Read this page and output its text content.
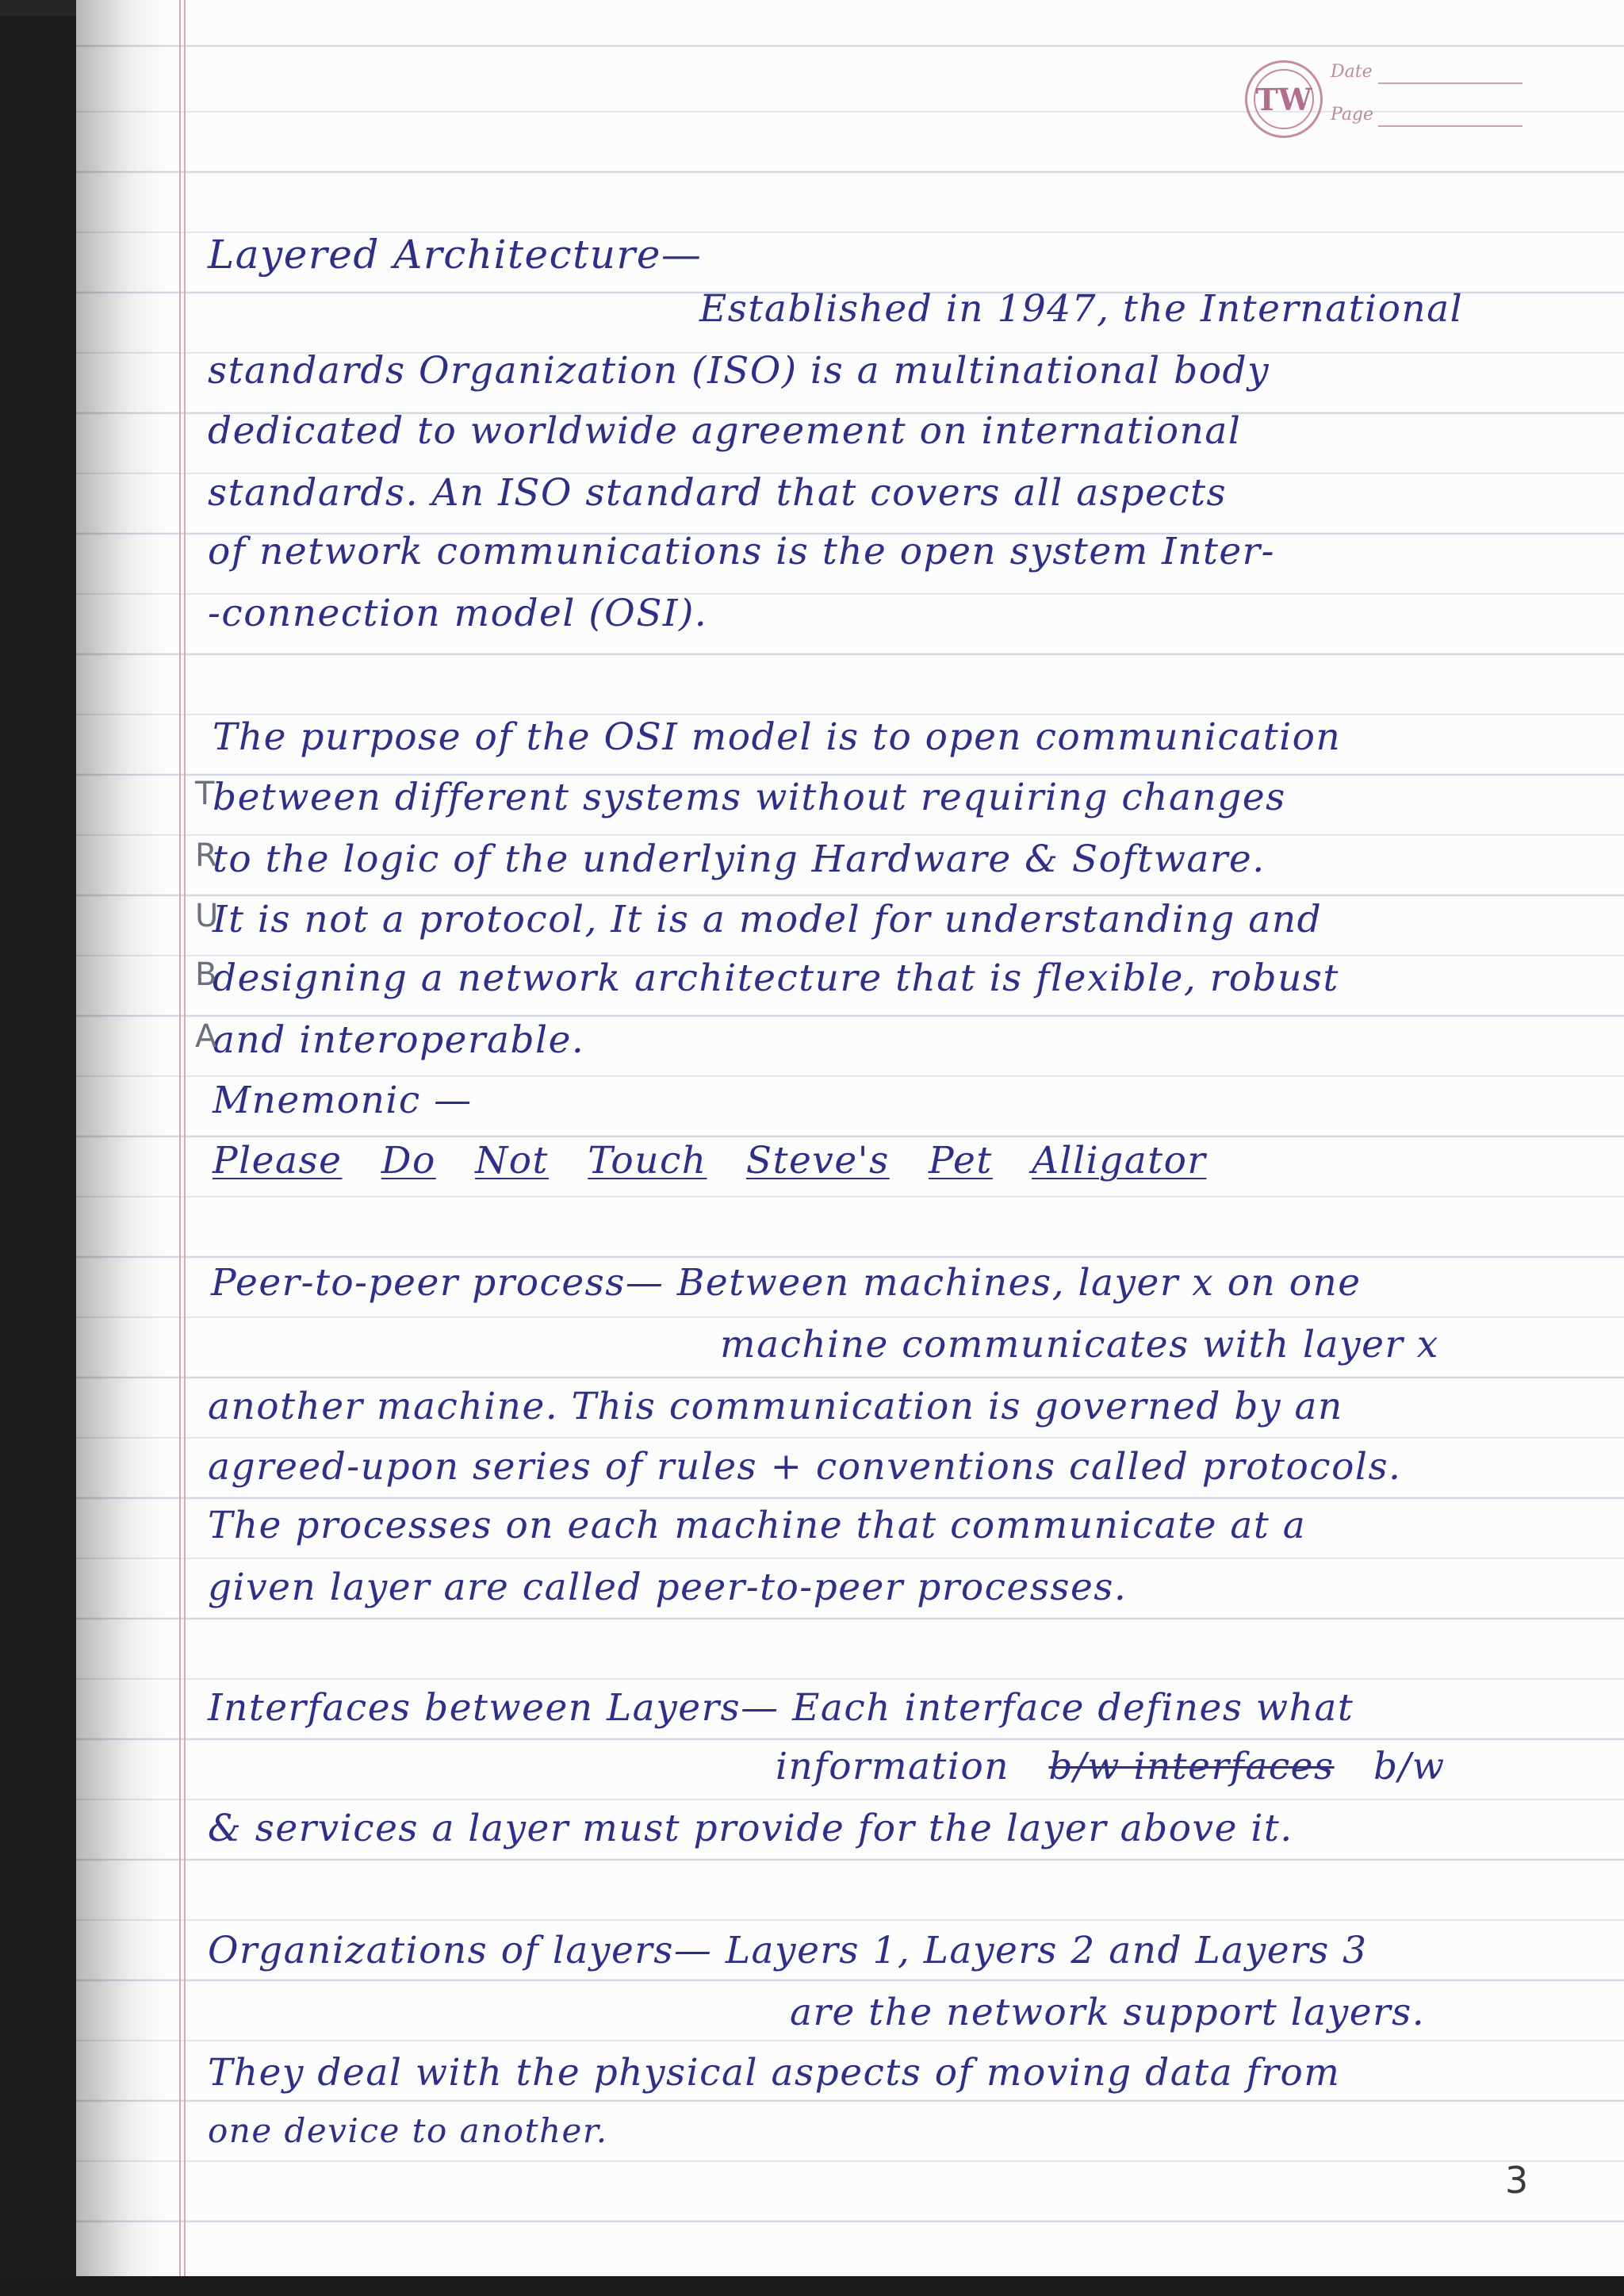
TW
Date
Page
Layered Architecture—
Established in 1947, the International
standards Organization (ISO) is a multinational body
dedicated to worldwide agreement on international
standards. An ISO standard that covers all aspects
of network communications is the open system Inter-
-connection model (OSI).
The purpose of the OSI model is to open communication
between different systems without requiring changes
to the logic of the underlying Hardware & Software.
It is not a protocol, It is a model for understanding and
designing a network architecture that is flexible, robust
and interoperable.
T
R
U
B
A
Mnemonic —
Please Do Not Touch Steve's Pet Alligator
Peer-to-peer process— Between machines, layer x on one
machine communicates with layer x
another machine. This communication is governed by an
agreed-upon series of rules + conventions called protocols.
The processes on each machine that communicate at a
given layer are called peer-to-peer processes.
Interfaces between Layers— Each interface defines what
information b/w interfaces b/w
& services a layer must provide for the layer above it.
Organizations of layers— Layers 1, Layers 2 and Layers 3
are the network support layers.
They deal with the physical aspects of moving data from
one device to another.
3
